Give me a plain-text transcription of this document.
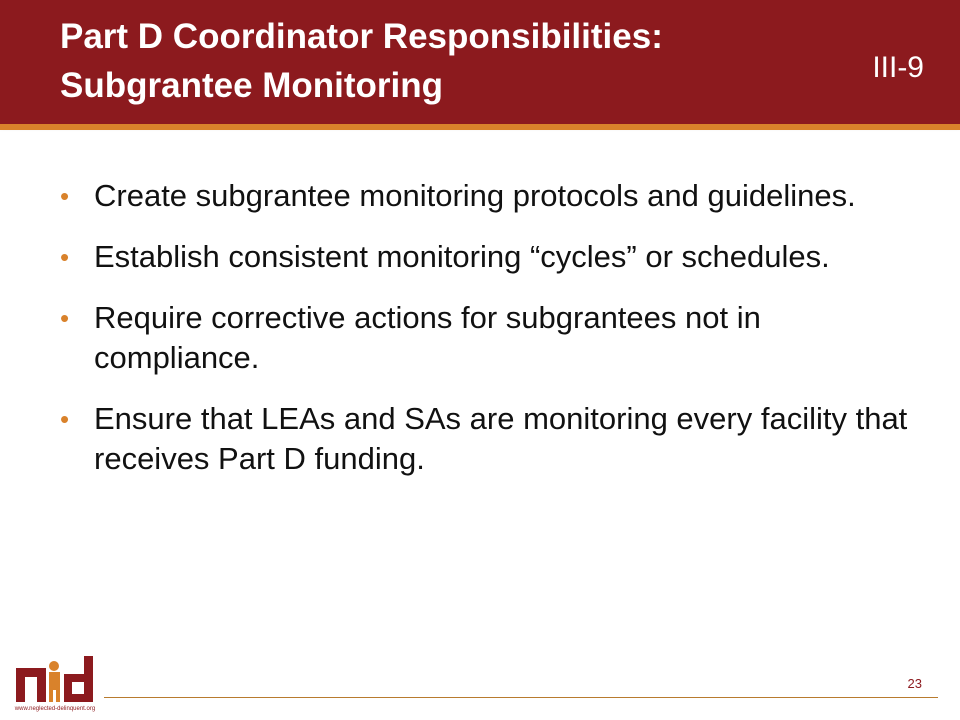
Part D Coordinator Responsibilities:
Subgrantee Monitoring	III-9
• Create subgrantee monitoring protocols and guidelines.
• Establish consistent monitoring “cycles” or schedules.
• Require corrective actions for subgrantees not in compliance.
• Ensure that LEAs and SAs are monitoring every facility that receives Part D funding.
www.neglected-delinquent.org
23
